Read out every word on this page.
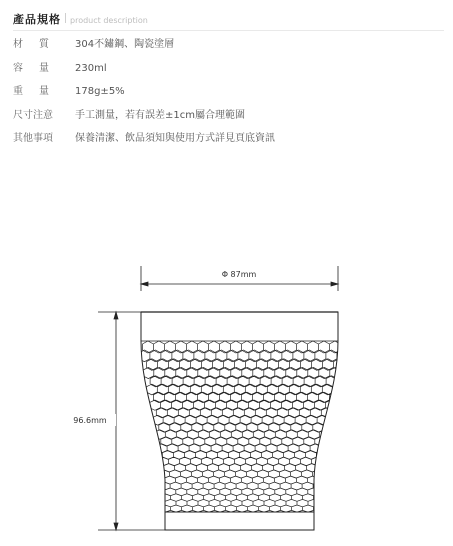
產品規格 product description
材質	304不鏽鋼、陶瓷塗層
容量	230ml
重量	178g±5%
尺寸注意	手工測量，若有誤差±1cm屬合理範圍
其他事項	保養清潔、飲品須知與使用方式詳見頁底資訊
Φ 87mm
96.6mm
